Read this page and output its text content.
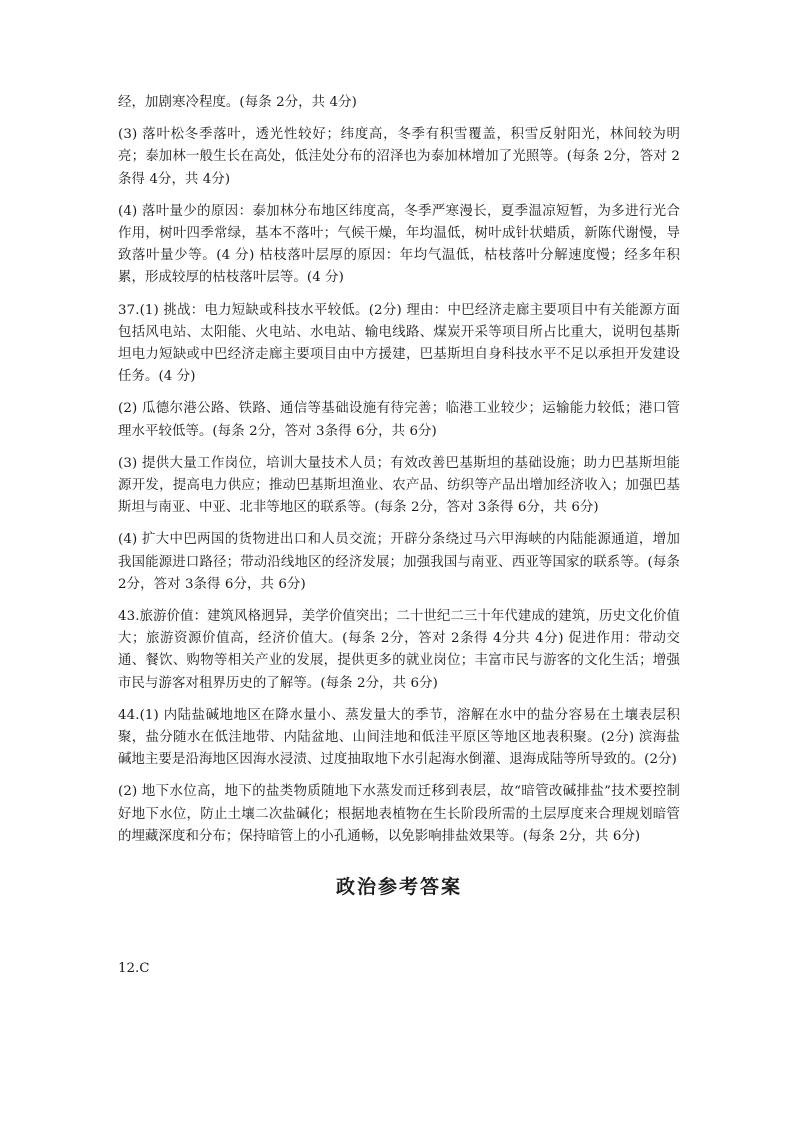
经，加剧寒冷程度。(每条 2分，共 4分)

(3) 落叶松冬季落叶，透光性较好；纬度高，冬季有积雪覆盖，积雪反射阳光，林间较为明亮；泰加林一般生长在高处，低洼处分布的沼泽也为泰加林增加了光照等。(每条 2分，答对 2条得 4分，共 4分)

(4) 落叶量少的原因：泰加林分布地区纬度高，冬季严寒漫长，夏季温凉短暂，为多进行光合作用，树叶四季常绿，基本不落叶；气候干燥，年均温低，树叶成针状蜡质，新陈代谢慢，导致落叶量少等。(4 分) 枯枝落叶层厚的原因：年均气温低，枯枝落叶分解速度慢；经多年积累，形成较厚的枯枝落叶层等。(4 分)

37.(1) 挑战：电力短缺或科技水平较低。(2分) 理由：中巴经济走廊主要项目中有关能源方面包括风电站、太阳能、火电站、水电站、输电线路、煤炭开采等项目所占比重大，说明包基斯坦电力短缺或中巴经济走廊主要项目由中方援建，巴基斯坦自身科技水平不足以承担开发建设任务。(4 分)

(2) 瓜德尔港公路、铁路、通信等基础设施有待完善；临港工业较少；运输能力较低；港口管理水平较低等。(每条 2分，答对 3条得 6分，共 6分)

(3) 提供大量工作岗位，培训大量技术人员；有效改善巴基斯坦的基础设施；助力巴基斯坦能源开发，提高电力供应；推动巴基斯坦渔业、农产品、纺织等产品出增加经济收入；加强巴基斯坦与南亚、中亚、北非等地区的联系等。(每条 2分，答对 3条得 6分，共 6分)

(4) 扩大中巴两国的货物进出口和人员交流；开辟分条绕过马六甲海峡的内陆能源通道，增加我国能源进口路径；带动沿线地区的经济发展；加强我国与南亚、西亚等国家的联系等。(每条 2分，答对 3条得 6分，共 6分)

43.旅游价值：建筑风格迥异，美学价值突出；二十世纪二三十年代建成的建筑，历史文化价值大；旅游资源价值高，经济价值大。(每条 2分，答对 2条得 4分共 4分) 促进作用：带动交通、餐饮、购物等相关产业的发展，提供更多的就业岗位；丰富市民与游客的文化生活；增强市民与游客对租界历史的了解等。(每条 2分，共 6分)

44.(1) 内陆盐碱地地区在降水量小、蒸发量大的季节，溶解在水中的盐分容易在土壤表层积聚，盐分随水在低洼地带、内陆盆地、山间洼地和低洼平原区等地区地表积聚。(2分) 滨海盐碱地主要是沿海地区因海水浸渍、过度抽取地下水引起海水倒灌、退海成陆等所导致的。(2分)

(2) 地下水位高，地下的盐类物质随地下水蒸发而迁移到表层，故“暗管改碱排盐”技术要控制好地下水位，防止土壤二次盐碱化；根据地表植物在生长阶段所需的土层厚度来合理规划暗管的埋藏深度和分布；保持暗管上的小孔通畅，以免影响排盐效果等。(每条 2分，共 6分)

政治参考答案
12.C
